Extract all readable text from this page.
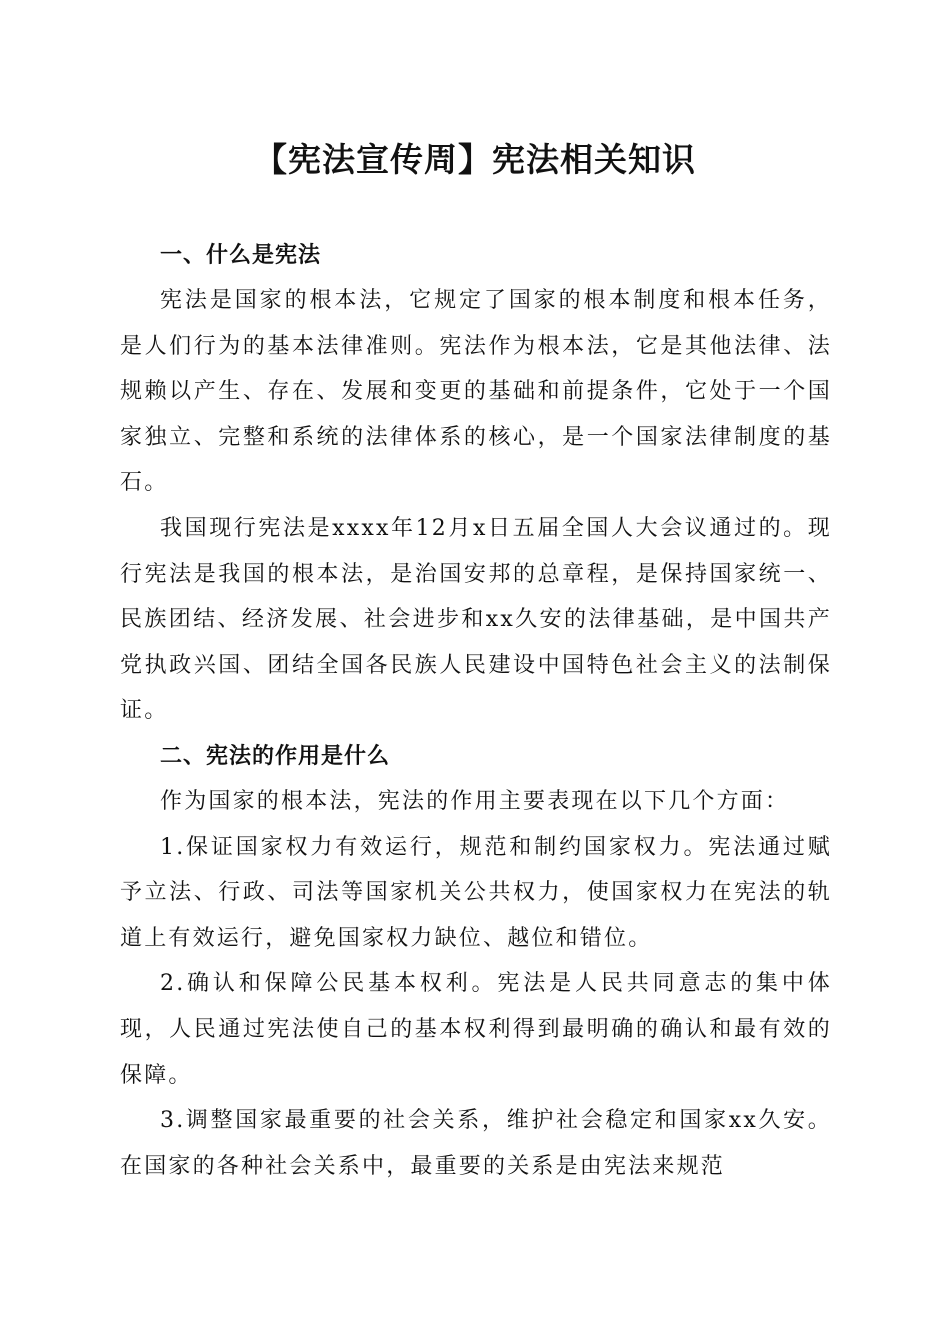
【宪法宣传周】宪法相关知识
一、什么是宪法

宪法是国家的根本法，它规定了国家的根本制度和根本任务，是人们行为的基本法律准则。宪法作为根本法，它是其他法律、法规赖以产生、存在、发展和变更的基础和前提条件，它处于一个国家独立、完整和系统的法律体系的核心，是一个国家法律制度的基石。

我国现行宪法是xxxx年12月x日五届全国人大会议通过的。现行宪法是我国的根本法，是治国安邦的总章程，是保持国家统一、民族团结、经济发展、社会进步和xx久安的法律基础，是中国共产党执政兴国、团结全国各民族人民建设中国特色社会主义的法制保证。

二、宪法的作用是什么

作为国家的根本法，宪法的作用主要表现在以下几个方面：

1.保证国家权力有效运行，规范和制约国家权力。宪法通过赋予立法、行政、司法等国家机关公共权力，使国家权力在宪法的轨道上有效运行，避免国家权力缺位、越位和错位。

2.确认和保障公民基本权利。宪法是人民共同意志的集中体现，人民通过宪法使自己的基本权利得到最明确的确认和最有效的保障。

3.调整国家最重要的社会关系，维护社会稳定和国家xx久安。在国家的各种社会关系中，最重要的关系是由宪法来规范
